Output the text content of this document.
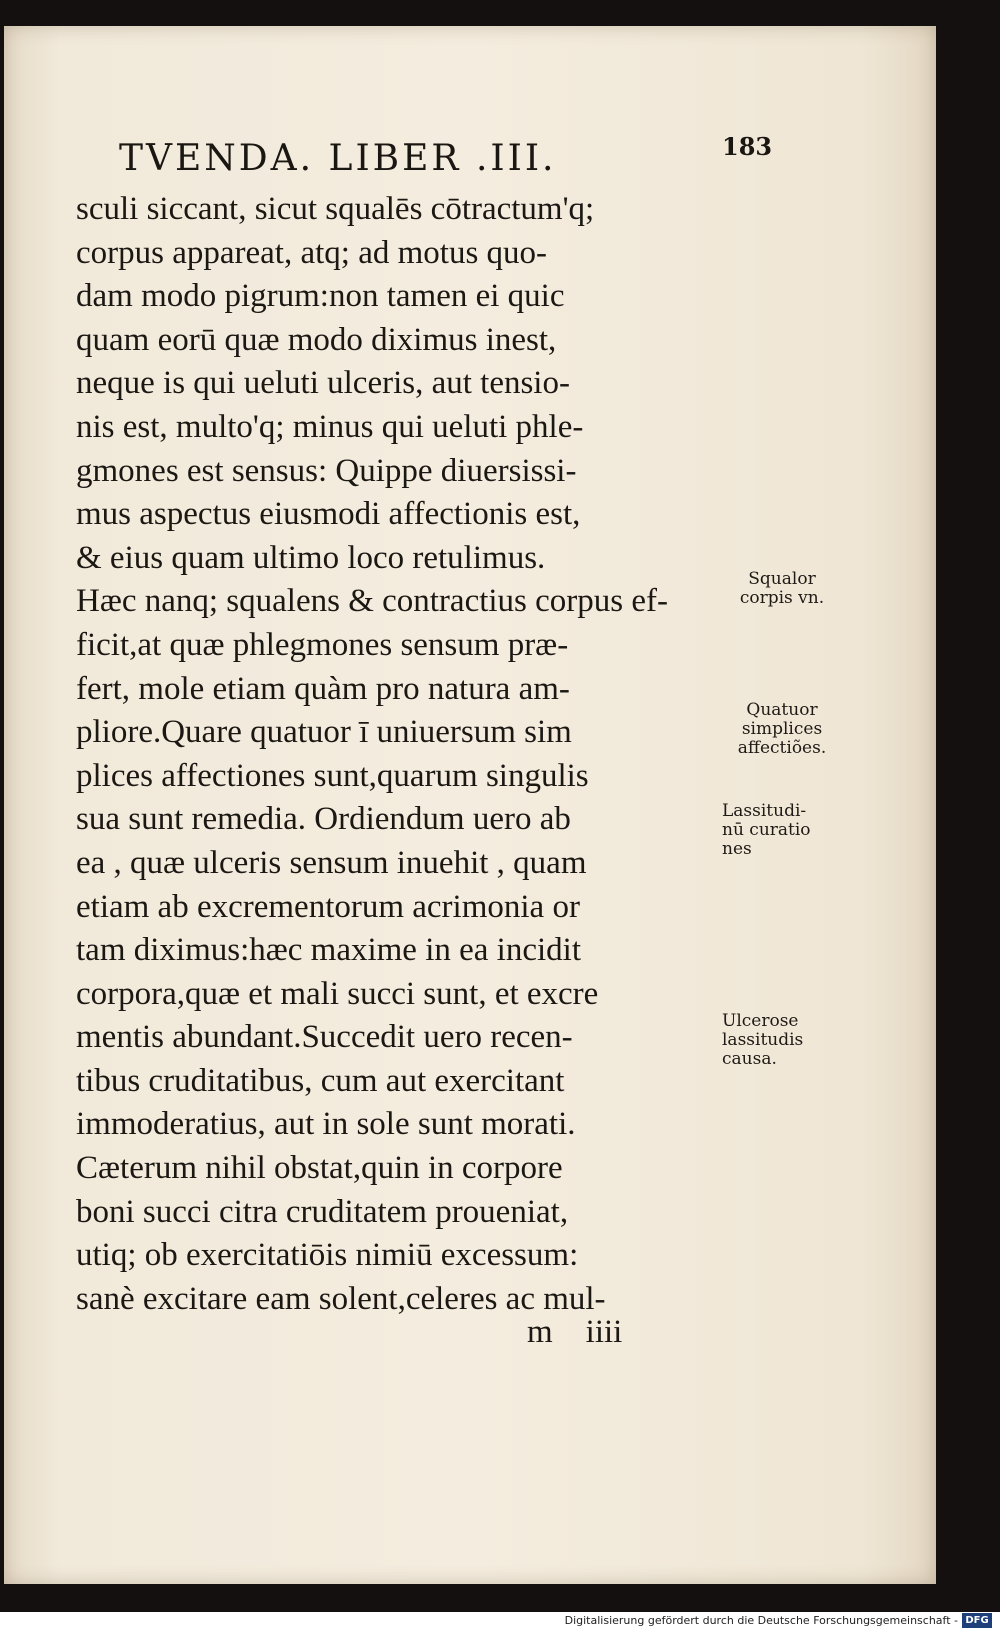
TVENDA. LIBER .III.	183
sculi siccant, sicut squalēs cōtractum'q;
corpus appareat, atq; ad motus quo-
dam modo pigrum:non tamen ei quic
quam eorū quæ modo diximus inest,
neque is qui ueluti ulceris, aut tensio-
nis est, multo'q; minus qui ueluti phle-
gmones est sensus: Quippe diuersissi-
mus aspectus eiusmodi affectionis est,
& eius quam ultimo loco retulimus.
Hæc nanq; squalens & contractius corpus ef-
ficit,at quæ phlegmones sensum præ-
fert, mole etiam quàm pro natura am-
pliore.Quare quatuor ī uniuersum sim
plices affectiones sunt,quarum singulis
sua sunt remedia. Ordiendum uero ab
ea , quæ ulceris sensum inuehit , quam
etiam ab excrementorum acrimonia or
tam diximus:hæc maxime in ea incidit
corpora,quæ et mali succi sunt, et excre
mentis abundant.Succedit uero recen-
tibus cruditatibus, cum aut exercitant
immoderatius, aut in sole sunt morati.
Cæterum nihil obstat,quin in corpore
boni succi citra cruditatem proueniat,
utiq; ob exercitatiōis nimiū excessum:
sanè excitare eam solent,celeres ac mul-
m    iiii
Squalor
corpis vn.
Quatuor
simplices
affectiões.
Lassitudi-
nū curatio
nes
Ulcerose
lassitudis
causa.
Digitalisierung gefördert durch die Deutsche Forschungsgemeinschaft - DFG
